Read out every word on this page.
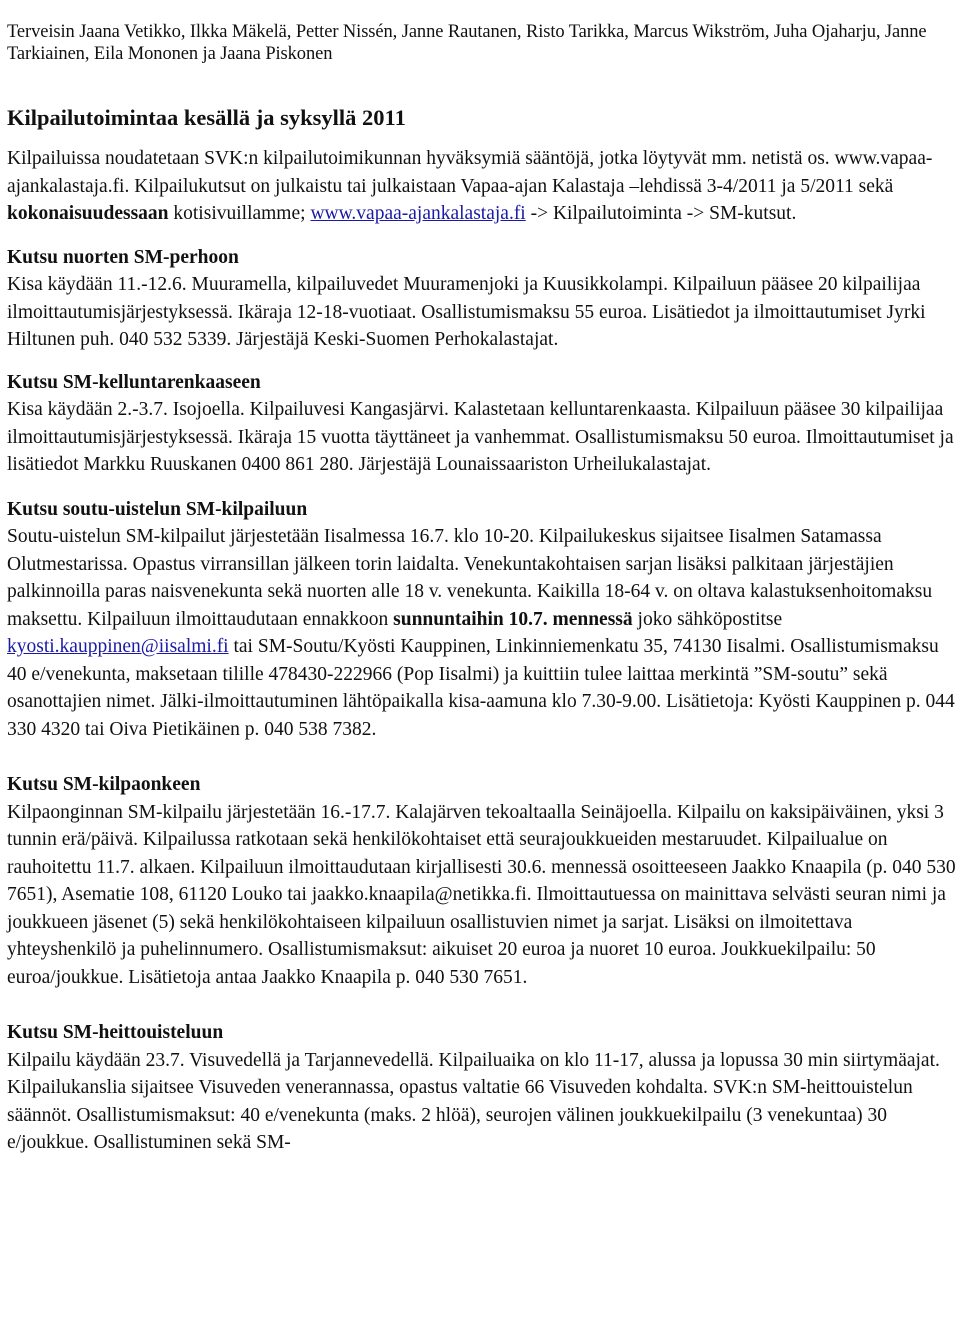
Terveisin Jaana Vetikko, Ilkka Mäkelä, Petter Nissén, Janne Rautanen, Risto Tarikka, Marcus Wikström, Juha Ojaharju, Janne Tarkiainen, Eila Mononen ja Jaana Piskonen
Kilpailutoimintaa kesällä ja syksyllä 2011

Kilpailuissa noudatetaan SVK:n kilpailutoimikunnan hyväksymiä sääntöjä, jotka löytyvät mm. netistä os. www.vapaa-ajankalastaja.fi. Kilpailukutsut on julkaistu tai julkaistaan Vapaa-ajan Kalastaja –lehdissä 3-4/2011 ja 5/2011 sekä kokonaisuudessaan kotisivuillamme; www.vapaa-ajankalastaja.fi -> Kilpailutoiminta -> SM-kutsut.

Kutsu nuorten SM-perhoon

Kisa käydään 11.-12.6. Muuramella, kilpailuvedet Muuramenjoki ja Kuusikkolampi. Kilpailuun pääsee 20 kilpailijaa ilmoittautumisjärjestyksessä. Ikäraja 12-18-vuotiaat. Osallistumismaksu 55 euroa. Lisätiedot ja ilmoittautumiset Jyrki Hiltunen puh. 040 532 5339. Järjestäjä Keski-Suomen Perhokalastajat.

Kutsu SM-kelluntarenkaaseen

Kisa käydään 2.-3.7. Isojoella. Kilpailuvesi Kangasjärvi. Kalastetaan kelluntarenkaasta. Kilpailuun pääsee 30 kilpailijaa ilmoittautumisjärjestyksessä. Ikäraja 15 vuotta täyttäneet ja vanhemmat. Osallistumismaksu 50 euroa. Ilmoittautumiset ja lisätiedot Markku Ruuskanen 0400 861 280. Järjestäjä Lounaissaariston Urheilukalastajat.

Kutsu soutu-uistelun SM-kilpailuun

Soutu-uistelun SM-kilpailut järjestetään Iisalmessa 16.7. klo 10-20. Kilpailukeskus sijaitsee Iisalmen Satamassa Olutmestarissa. Opastus virransillan jälkeen torin laidalta. Venekuntakohtaisen sarjan lisäksi palkitaan järjestäjien palkinnoilla paras naisvenekunta sekä nuorten alle 18 v. venekunta. Kaikilla 18-64 v. on oltava kalastuksenhoitomaksu maksettu. Kilpailuun ilmoittaudutaan ennakkoon sunnuntaihin 10.7. mennessä joko sähköpostitse kyosti.kauppinen@iisalmi.fi tai SM-Soutu/Kyösti Kauppinen, Linkinniemenkatu 35, 74130 Iisalmi. Osallistumismaksu 40 e/venekunta, maksetaan tilille 478430-222966 (Pop Iisalmi) ja kuittiin tulee laittaa merkintä ”SM-soutu” sekä osanottajien nimet. Jälki-ilmoittautuminen lähtöpaikalla kisa-aamuna klo 7.30-9.00. Lisätietoja: Kyösti Kauppinen p. 044 330 4320 tai Oiva Pietikäinen p. 040 538 7382.

Kutsu SM-kilpaonkeen

Kilpaonginnan SM-kilpailu järjestetään 16.-17.7. Kalajärven tekoaltaalla Seinäjoella. Kilpailu on kaksipäiväinen, yksi 3 tunnin erä/päivä. Kilpailussa ratkotaan sekä henkilökohtaiset että seurajoukkueiden mestaruudet. Kilpailualue on rauhoitettu 11.7. alkaen. Kilpailuun ilmoittaudutaan kirjallisesti 30.6. mennessä osoitteeseen Jaakko Knaapila (p. 040 530 7651), Asematie 108, 61120 Louko tai jaakko.knaapila@netikka.fi. Ilmoittautuessa on mainittava selvästi seuran nimi ja joukkueen jäsenet (5) sekä henkilökohtaiseen kilpailuun osallistuvien nimet ja sarjat. Lisäksi on ilmoitettava yhteyshenkilö ja puhelinnumero. Osallistumismaksut: aikuiset 20 euroa ja nuoret 10 euroa. Joukkuekilpailu: 50 euroa/joukkue. Lisätietoja antaa Jaakko Knaapila p. 040 530 7651.

Kutsu SM-heittouisteluun

Kilpailu käydään 23.7. Visuvedellä ja Tarjannevedellä. Kilpailuaika on klo 11-17, alussa ja lopussa 30 min siirtymäajat. Kilpailukanslia sijaitsee Visuveden venerannassa, opastus valtatie 66 Visuveden kohdalta. SVK:n SM-heittouistelun säännöt. Osallistumismaksut: 40 e/venekunta (maks. 2 hlöä), seurojen välinen joukkuekilpailu (3 venekuntaa) 30 e/joukkue. Osallistuminen sekä SM-
